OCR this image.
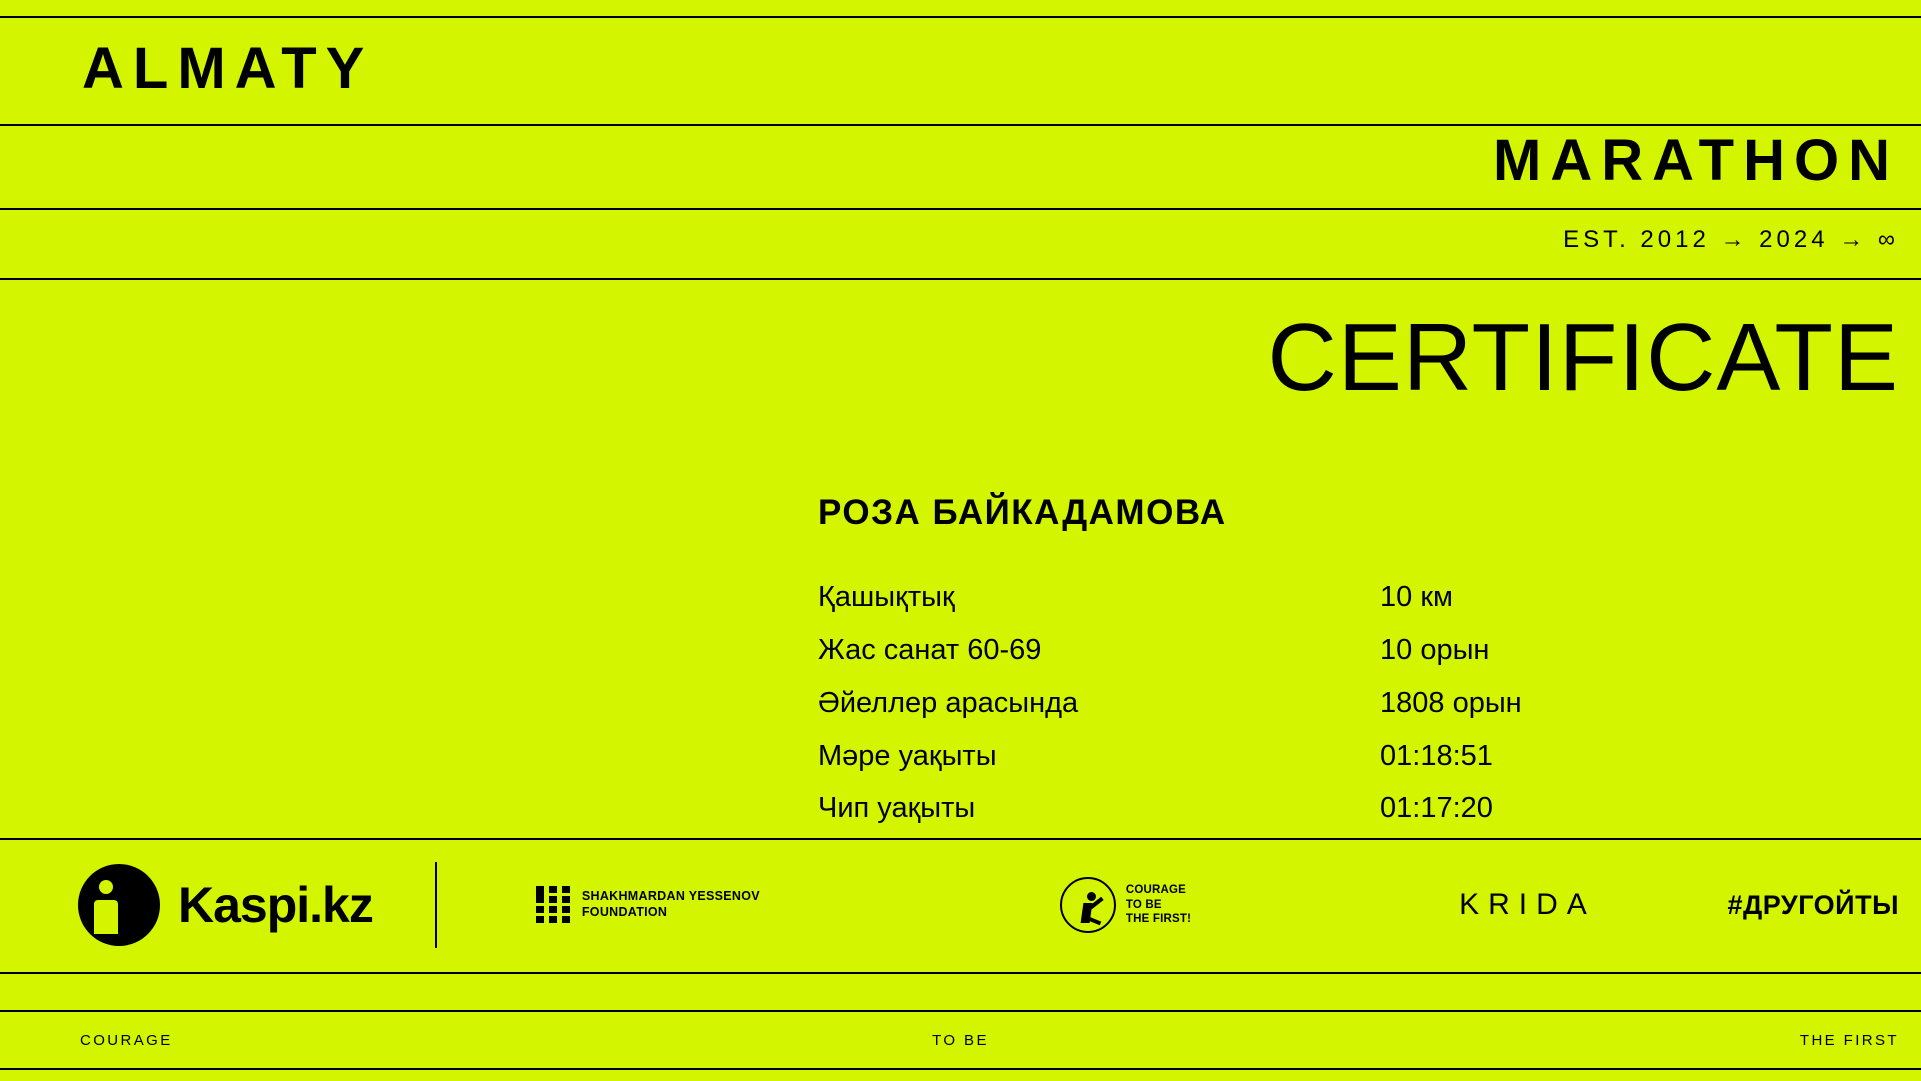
ALMATY
MARATHON
EST. 2012 → 2024 → ∞
CERTIFICATE
РОЗА БАЙКАДАМОВА
Қашықтық	10 км
Жас санат 60-69	10 орын
Әйеллер арасында	1808 орын
Мәре уақыты	01:18:51
Чип уақыты	01:17:20
Kaspi.kz	SHAKHMARDAN YESSENOV
FOUNDATION
COURAGE
TO BE
THE FIRST!	KRIDA	#ДРУГОЙТЫ
COURAGE	TO BE	THE FIRST
